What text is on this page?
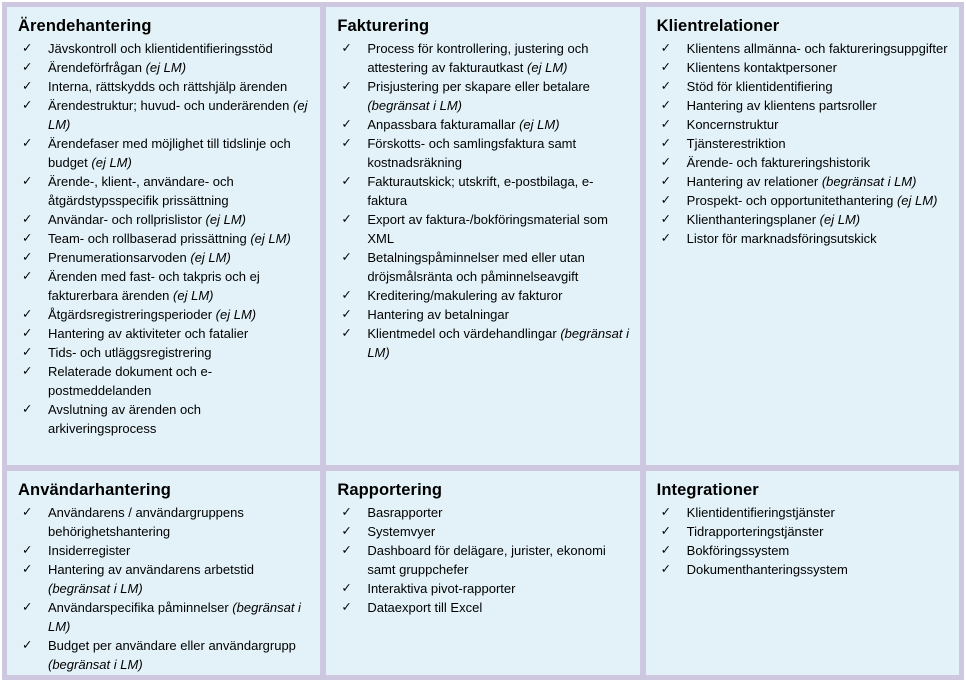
Ärendehantering
✓ Jävskontroll och klientidentifieringsstöd
✓ Ärendeförfrågan (ej LM)
✓ Interna, rättskydds och rättshjälp ärenden
✓ Ärendestruktur; huvud- och underärenden (ej LM)
✓ Ärendefaser med möjlighet till tidslinje och budget (ej LM)
✓ Ärende-, klient-, användare- och åtgärdstypsspecifik prissättning
✓ Användar- och rollprislistor (ej LM)
✓ Team- och rollbaserad prissättning (ej LM)
✓ Prenumerationsarvoden (ej LM)
✓ Ärenden med fast- och takpris och ej fakturerbara ärenden (ej LM)
✓ Åtgärdsregistreringsperioder (ej LM)
✓ Hantering av aktiviteter och fatalier
✓ Tids- och utläggsregistrering
✓ Relaterade dokument och e-postmeddelanden
✓ Avslutning av ärenden och arkiveringsprocess
Fakturering
✓ Process för kontrollering, justering och attestering av fakturautkast (ej LM)
✓ Prisjustering per skapare eller betalare(begränsat i LM)
✓ Anpassbara fakturamallar (ej LM)
✓ Förskotts- och samlingsfaktura samt kostnadsräkning
✓ Fakturautskick; utskrift, e-postbilaga, e-faktura
✓ Export av faktura-/bokföringsmaterial som XML
✓ Betalningspåminnelser med eller utan dröjsmålsränta och påminnelseavgift
✓ Kreditering/makulering av fakturor
✓ Hantering av betalningar
✓ Klientmedel och värdehandlingar (begränsat i LM)
Klientrelationer
✓ Klientens allmänna- och faktureringsuppgifter
✓ Klientens kontaktpersoner
✓ Stöd för klientidentifiering
✓ Hantering av klientens partsroller
✓ Koncernstruktur
✓ Tjänsterestriktion
✓ Ärende- och faktureringshistorik
✓ Hantering av relationer (begränsat i LM)
✓ Prospekt- och opportunitethantering (ej LM)
✓ Klienthanteringsplaner (ej LM)
✓ Listor för marknadsföringsutskick
Användarhantering
✓ Användarens / användargruppens behörighetshantering
✓ Insiderregister
✓ Hantering av användarens arbetstid(begränsat i LM)
✓ Användarspecifika påminnelser (begränsat i LM)
✓ Budget per användare eller användargrupp(begränsat i LM)
Rapportering
✓ Basrapporter
✓ Systemvyer
✓ Dashboard för delägare, jurister, ekonomi samt gruppchefer
✓ Interaktiva pivot-rapporter
✓ Dataexport till Excel
Integrationer
✓ Klientidentifieringstjänster
✓ Tidrapporteringstjänster
✓ Bokföringssystem
✓ Dokumenthanteringssystem
